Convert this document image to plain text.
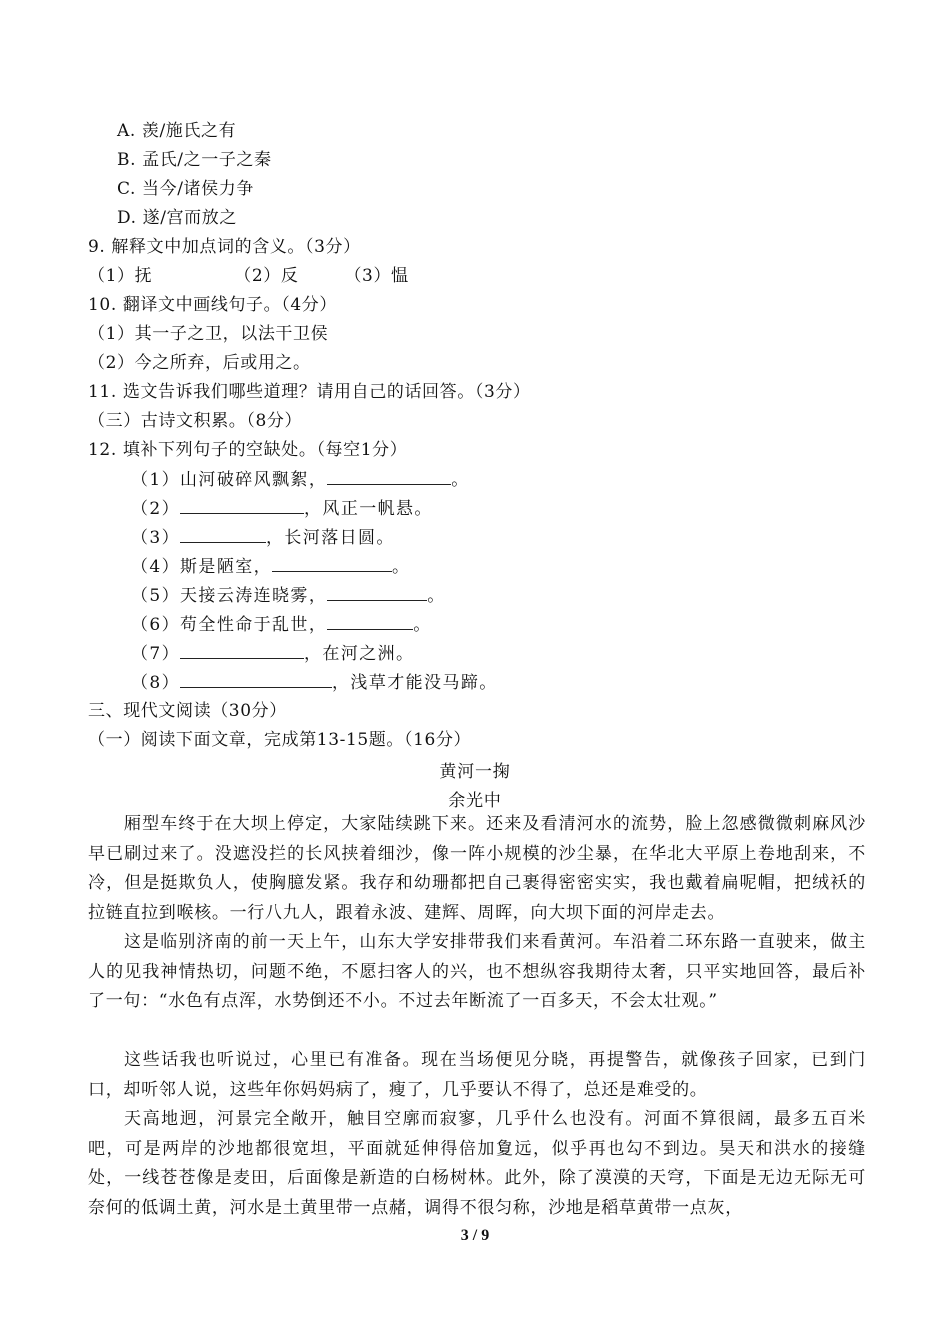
A. 羡/施氏之有
B. 孟氏/之一子之秦
C. 当今/诸侯力争
D. 遂/宫而放之
9. 解释文中加点词的含义。（3分）
（1）抚	（2）反	（3）愠
10. 翻译文中画线句子。（4分）
（1）其一子之卫，以法干卫侯
（2）今之所弃，后或用之。
11. 选文告诉我们哪些道理？请用自己的话回答。（3分）
（三）古诗文积累。（8分）
12. 填补下列句子的空缺处。（每空1分）
（1）山河破碎风飘絮，	。
（2）	，风正一帆悬。
（3）	，长河落日圆。
（4）斯是陋室，	。
（5）天接云涛连晓雾，	。
（6）苟全性命于乱世，	。
（7）	，在河之洲。
（8）	，浅草才能没马蹄。
三、现代文阅读（30分）
（一）阅读下面文章，完成第13-15题。（16分）
黄河一掬
余光中
厢型车终于在大坝上停定，大家陆续跳下来。还来及看清河水的流势，脸上忽感微微刺麻风沙早已刷过来了。没遮没拦的长风挟着细沙，像一阵小规模的沙尘暴，在华北大平原上卷地刮来，不冷，但是挺欺负人，使胸臆发紧。我存和幼珊都把自己裹得密密实实，我也戴着扁呢帽，把绒袄的拉链直拉到喉核。一行八九人，跟着永波、建辉、周晖，向大坝下面的河岸走去。
这是临别济南的前一天上午，山东大学安排带我们来看黄河。车沿着二环东路一直驶来，做主人的见我神情热切，问题不绝，不愿扫客人的兴，也不想纵容我期待太奢，只平实地回答，最后补了一句：“水色有点浑，水势倒还不小。不过去年断流了一百多天，不会太壮观。”
这些话我也听说过，心里已有准备。现在当场便见分晓，再提警告，就像孩子回家，已到门口，却听邻人说，这些年你妈妈病了，瘦了，几乎要认不得了，总还是难受的。
天高地迥，河景完全敞开，触目空廓而寂寥，几乎什么也没有。河面不算很阔，最多五百米吧，可是两岸的沙地都很宽坦，平面就延伸得倍加夐远，似乎再也勾不到边。昊天和洪水的接缝处，一线苍苍像是麦田，后面像是新造的白杨树林。此外，除了漠漠的天穹，下面是无边无际无可奈何的低调土黄，河水是土黄里带一点赭，调得不很匀称，沙地是稻草黄带一点灰，
3 / 9
